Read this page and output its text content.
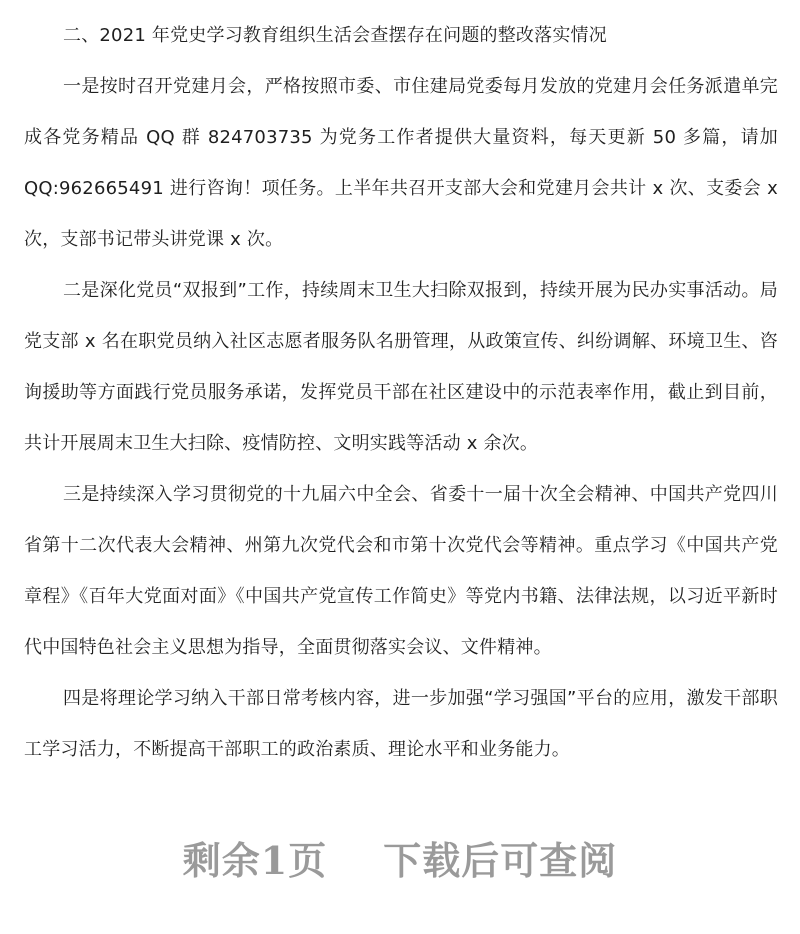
二、2021 年党史学习教育组织生活会查摆存在问题的整改落实情况

一是按时召开党建月会，严格按照市委、市住建局党委每月发放的党建月会任务派遣单完成各党务精品 QQ 群 824703735 为党务工作者提供大量资料，每天更新 50 多篇，请加 QQ:962665491 进行咨询！项任务。上半年共召开支部大会和党建月会共计 x 次、支委会 x 次，支部书记带头讲党课 x 次。

二是深化党员“双报到”工作，持续周末卫生大扫除双报到，持续开展为民办实事活动。局党支部 x 名在职党员纳入社区志愿者服务队名册管理，从政策宣传、纠纷调解、环境卫生、咨询援助等方面践行党员服务承诺，发挥党员干部在社区建设中的示范表率作用，截止到目前，共计开展周末卫生大扫除、疫情防控、文明实践等活动 x 余次。

三是持续深入学习贯彻党的十九届六中全会、省委十一届十次全会精神、中国共产党四川省第十二次代表大会精神、州第九次党代会和市第十次党代会等精神。重点学习《中国共产党章程》《百年大党面对面》《中国共产党宣传工作简史》等党内书籍、法律法规，以习近平新时代中国特色社会主义思想为指导，全面贯彻落实会议、文件精神。

四是将理论学习纳入干部日常考核内容，进一步加强“学习强国”平台的应用，激发干部职工学习活力，不断提高干部职工的政治素质、理论水平和业务能力。

剩余1页 下载后可查阅
